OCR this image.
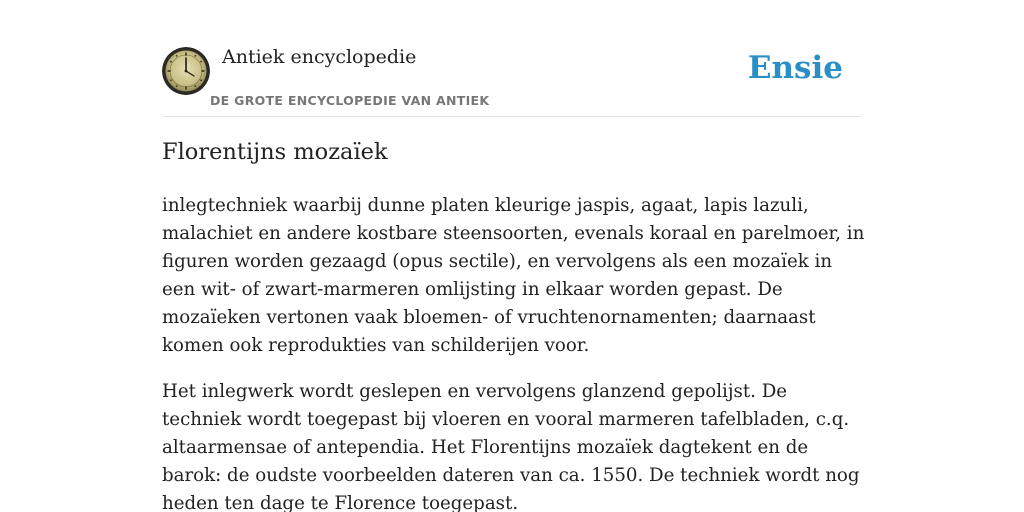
Antiek encyclopedie
DE GROTE ENCYCLOPEDIE VAN ANTIEK
Ensie
Florentijns mozaïek

inlegtechniek waarbij dunne platen kleurige jaspis, agaat, lapis lazuli, malachiet en andere kostbare steensoorten, evenals koraal en parelmoer, in figuren worden gezaagd (opus sectile), en vervolgens als een mozaïek in een wit- of zwart-marmeren omlijsting in elkaar worden gepast. De mozaïeken vertonen vaak bloemen- of vruchtenornamenten; daarnaast komen ook reprodukties van schilderijen voor.

Het inlegwerk wordt geslepen en vervolgens glanzend gepolijst. De techniek wordt toegepast bij vloeren en vooral marmeren tafelbladen, c.q. altaarmensae of antependia. Het Florentijns mozaïek dagtekent en de barok: de oudste voorbeelden dateren van ca. 1550. De techniek wordt nog heden ten dage te Florence toegepast.
